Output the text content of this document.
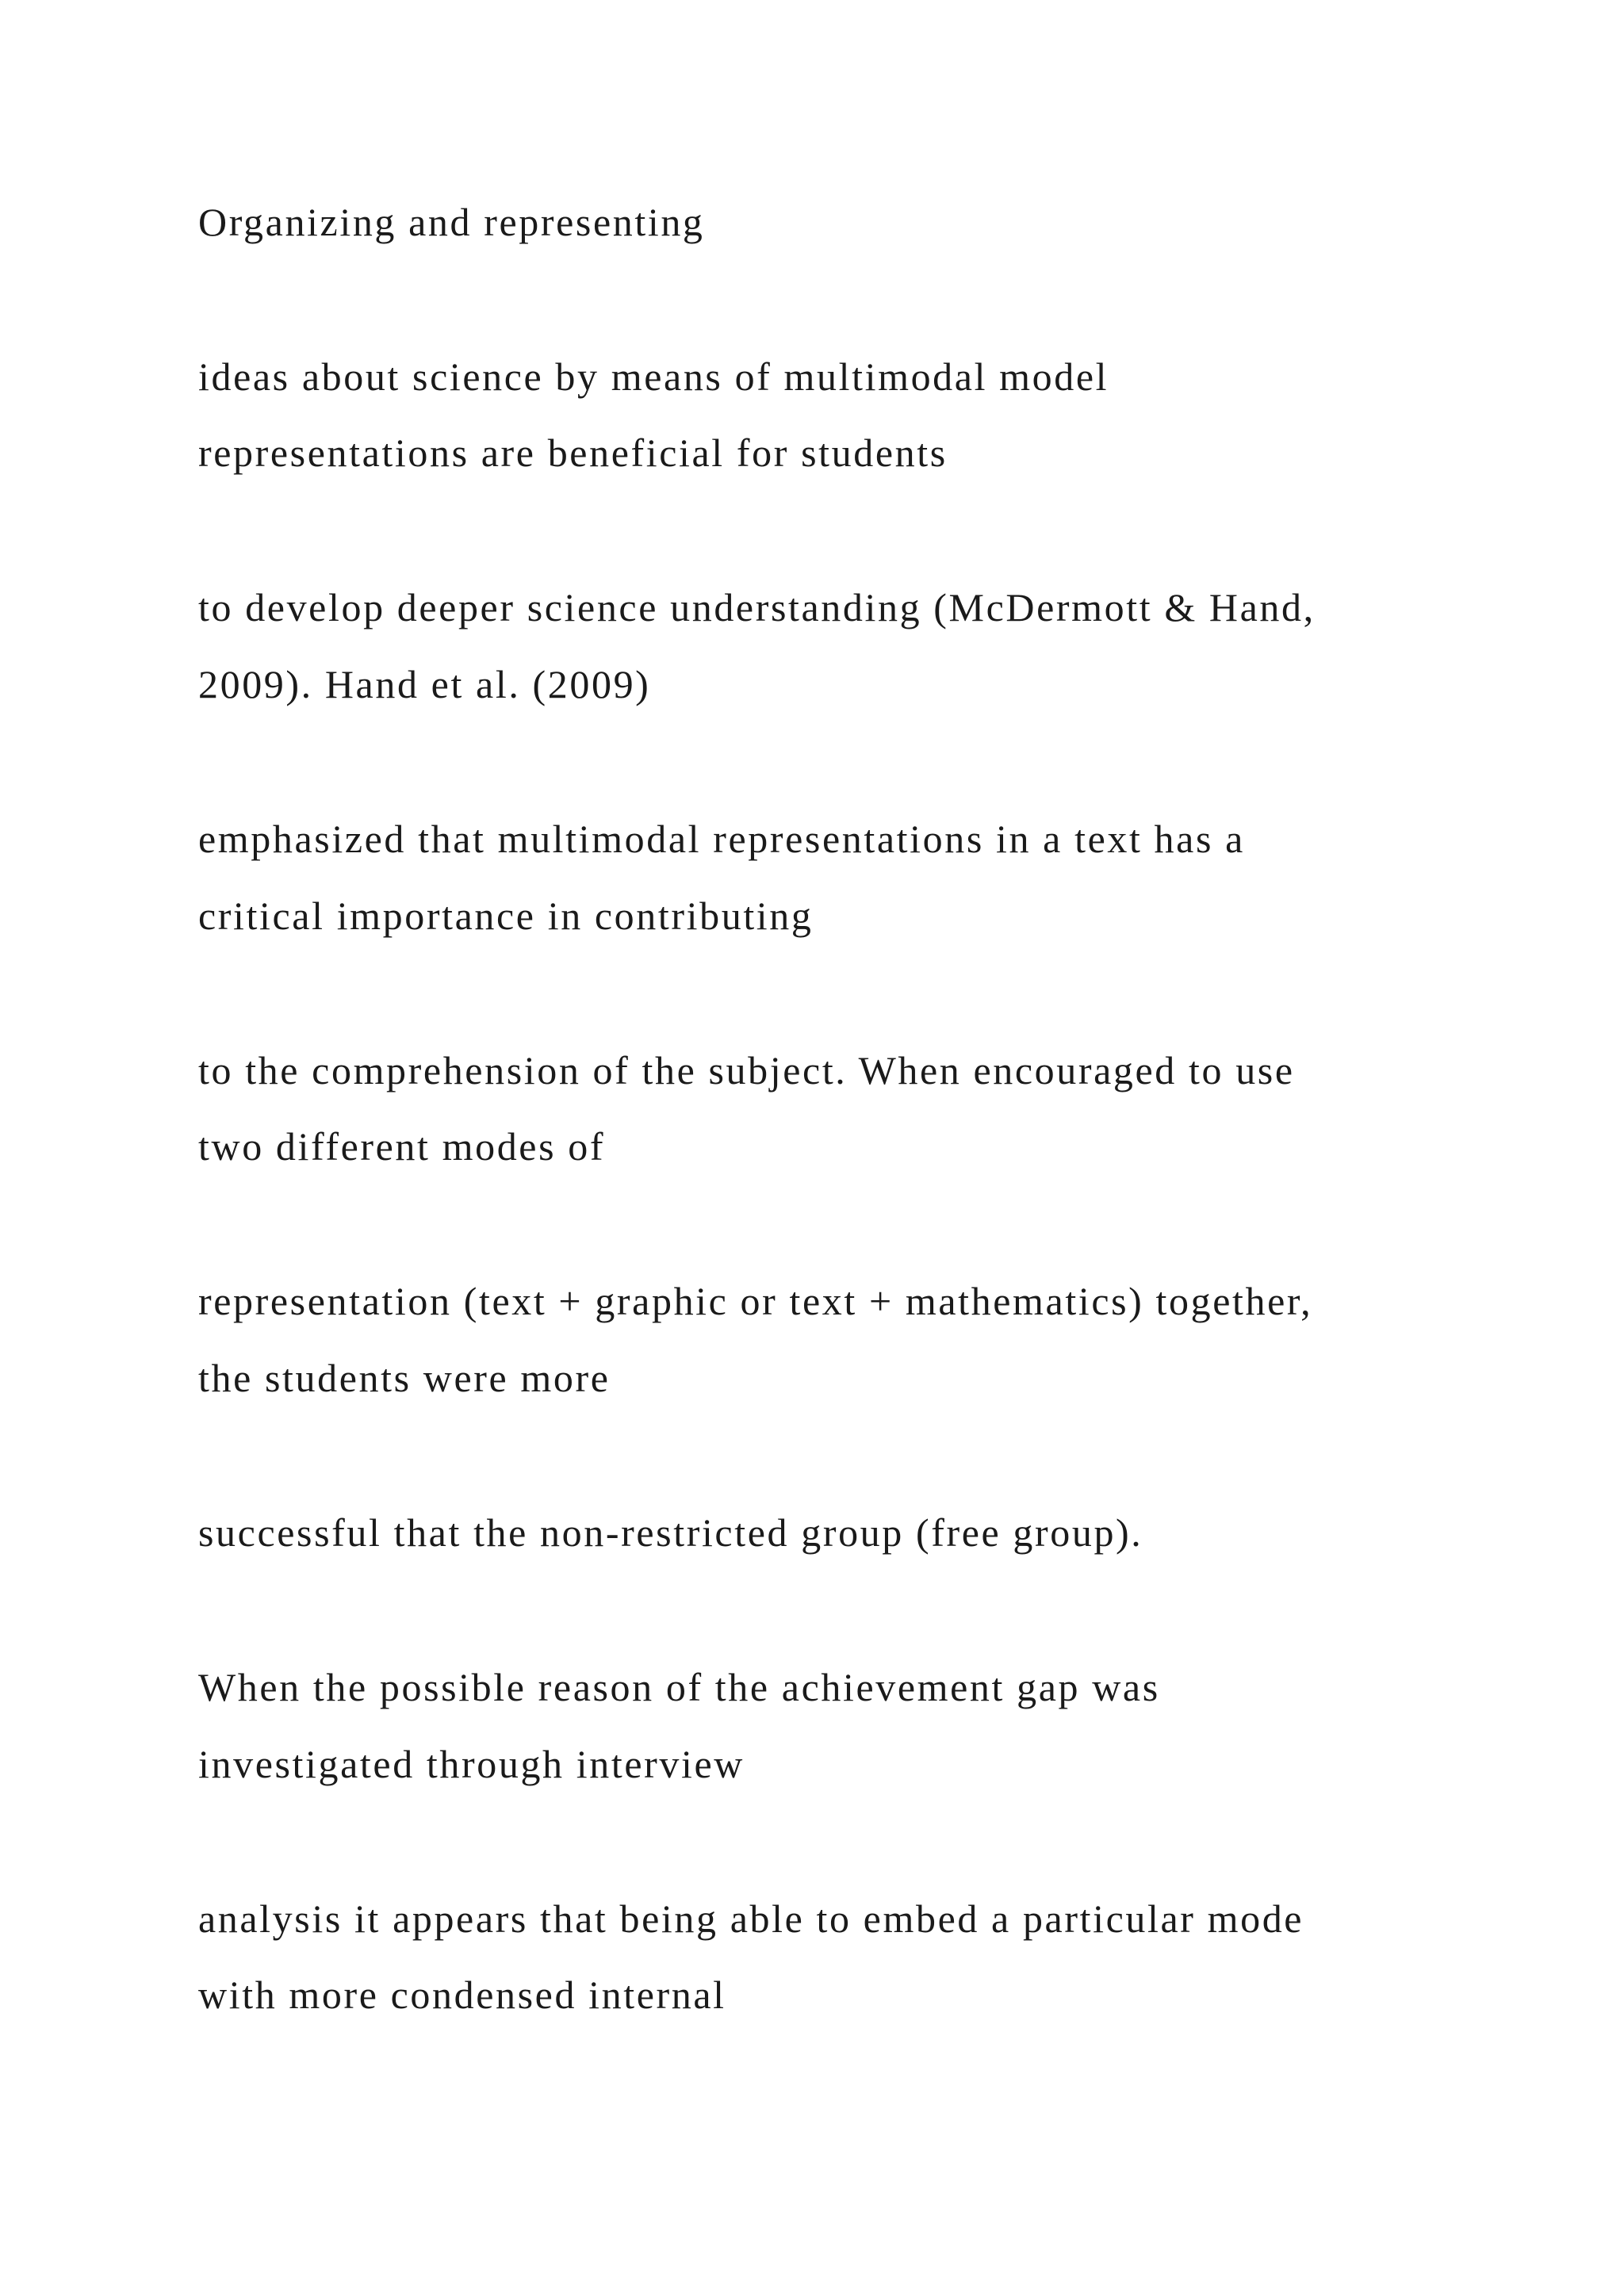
Organizing and representing

ideas about science by means of multimodal model

representations are beneficial for students

to develop deeper science understanding (McDermott & Hand,

2009). Hand et al. (2009)

emphasized that multimodal representations in a text has a

critical importance in contributing

to the comprehension of the subject. When encouraged to use

two different modes of

representation (text + graphic or text + mathematics) together,

the students were more

successful that the non-restricted group (free group).

When the possible reason of the achievement gap was

investigated through interview

analysis it appears that being able to embed a particular mode

with more condensed internal
